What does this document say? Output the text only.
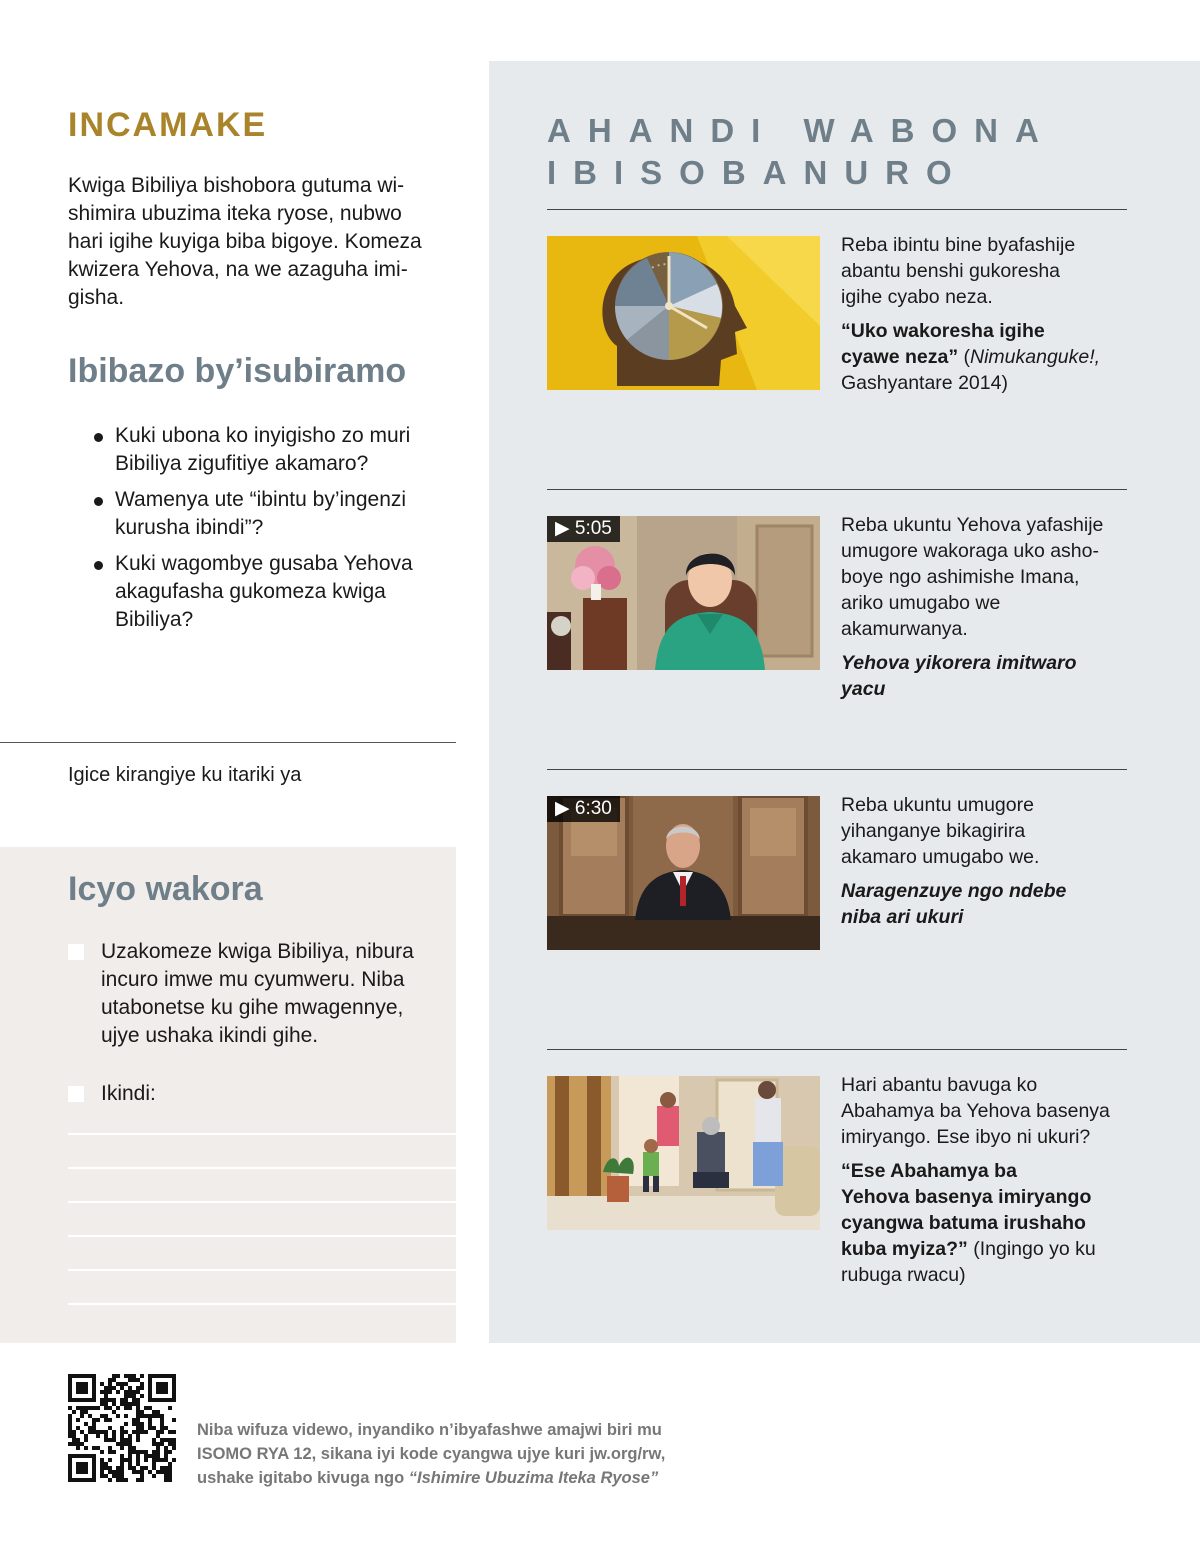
INCAMAKE
Kwiga Bibiliya bishobora gutuma wi-
shimira ubuzima iteka ryose, nubwo
hari igihe kuyiga biba bigoye. Komeza
kwizera Yehova, na we azaguha imi-
gisha.
Ibibazo by’isubiramo
Kuki ubona ko inyigisho zo muri
Bibiliya zigufitiye akamaro?
Wamenya ute “ibintu by’ingenzi
kurusha ibindi”?
Kuki wagombye gusaba Yehova
akagufasha gukomeza kwiga
Bibiliya?
Igice kirangiye ku itariki ya
Icyo wakora
Uzakomeze kwiga Bibiliya, nibura
incuro imwe mu cyumweru. Niba
utabonetse ku gihe mwagennye,
ujye ushaka ikindi gihe.
Ikindi:
AHANDI WABONA
IBISOBANURO
Reba ibintu bine byafashije
abantu benshi gukoresha
igihe cyabo neza.
“Uko wakoresha igihe
cyawe neza” (Nimukanguke!,
Gashyantare 2014)
▶ 5:05	Reba ukuntu Yehova yafashije
umugore wakoraga uko asho-
boye ngo ashimishe Imana,
ariko umugabo we
akamurwanya.
Yehova yikorera imitwaro
yacu
▶ 6:30	Reba ukuntu umugore
yihanganye bikagirira
akamaro umugabo we.
Naragenzuye ngo ndebe
niba ari ukuri
Hari abantu bavuga ko
Abahamya ba Yehova basenya
imiryango. Ese ibyo ni ukuri?
“Ese Abahamya ba
Yehova basenya imiryango
cyangwa batuma irushaho
kuba myiza?” (Ingingo yo ku
rubuga rwacu)
Niba wifuza videwo, inyandiko n’ibyafashwe amajwi biri mu
ISOMO RYA 12, sikana iyi kode cyangwa ujye kuri jw.org/rw,
ushake igitabo kivuga ngo “Ishimire Ubuzima Iteka Ryose”
